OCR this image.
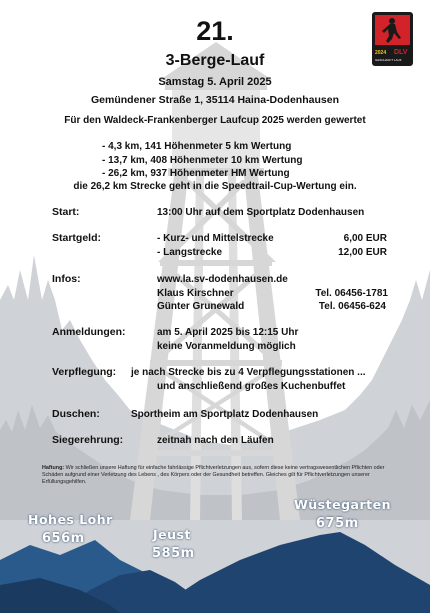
DLV
2024
GESCHAFFT LAUF
21.
3-Berge-Lauf
Samstag 5. April 2025
Gemündener Straße 1, 35114 Haina-Dodenhausen
Für den Waldeck-Frankenberger Laufcup 2025 werden gewertet
- 4,3 km, 141 Höhenmeter 5 km Wertung
- 13,7 km, 408 Höhenmeter 10 km Wertung
- 26,2 km, 937 Höhenmeter HM Wertung
die 26,2 km Strecke geht in die Speedtrail-Cup-Wertung ein.
Start:	13:00 Uhr auf dem Sportplatz Dodenhausen
Startgeld:	- Kurz- und Mittelstrecke	6,00 EUR
- Langstrecke	12,00 EUR
Infos:	www.la.sv-dodenhausen.de
Klaus Kirschner	Tel. 06456-1781
Günter Grunewald	Tel. 06456-624
Anmeldungen:	am 5. April 2025 bis 12:15 Uhr
keine Voranmeldung möglich
Verpflegung: je nach Strecke bis zu 4 Verpflegungsstationen ...
und anschließend großes Kuchenbuffet
Duschen:	Sportheim am Sportplatz Dodenhausen
Siegerehrung:	zeitnah nach den Läufen
Haftung: Wir schließen unsere Haftung für einfache fahrlässige Pflichtverletzungen aus, sofern diese keine vertragswesentlichen Pflichten oder Schäden aufgrund einer Verletzung des Lebens , des Körpers oder der Gesundheit betreffen. Gleiches gilt für Pflichtverletzungen unserer Erfüllungsgehilfen.
Hohes Lohr
656m	Jeust
585m
Wüstegarten
675m
